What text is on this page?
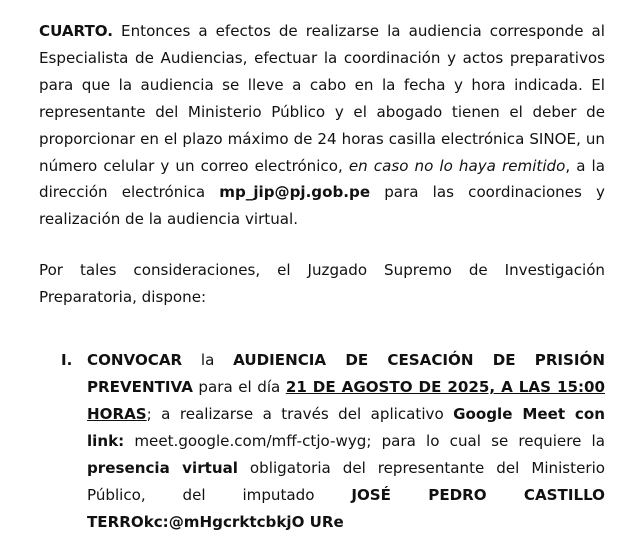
CUARTO. Entonces a efectos de realizarse la audiencia corresponde al Especialista de Audiencias, efectuar la coordinación y actos preparativos para que la audiencia se lleve a cabo en la fecha y hora indicada. El representante del Ministerio Público y el abogado tienen el deber de proporcionar en el plazo máximo de 24 horas casilla electrónica SINOE, un número celular y un correo electrónico, en caso no lo haya remitido, a la dirección electrónica mp_jip@pj.gob.pe para las coordinaciones y realización de la audiencia virtual.

Por tales consideraciones, el Juzgado Supremo de Investigación Preparatoria, dispone:

I. CONVOCAR la AUDIENCIA DE CESACIÓN DE PRISIÓN PREVENTIVA para el día 21 DE AGOSTO DE 2025, A LAS 15:00 HORAS; a realizarse a través del aplicativo Google Meet con link: meet.google.com/mff-ctjo-wyg; para lo cual se requiere la presencia virtual obligatoria del representante del Ministerio Público, del imputado JOSÉ PEDRO CASTILLO TERROkc:@mHgcrktcbkjO URe
